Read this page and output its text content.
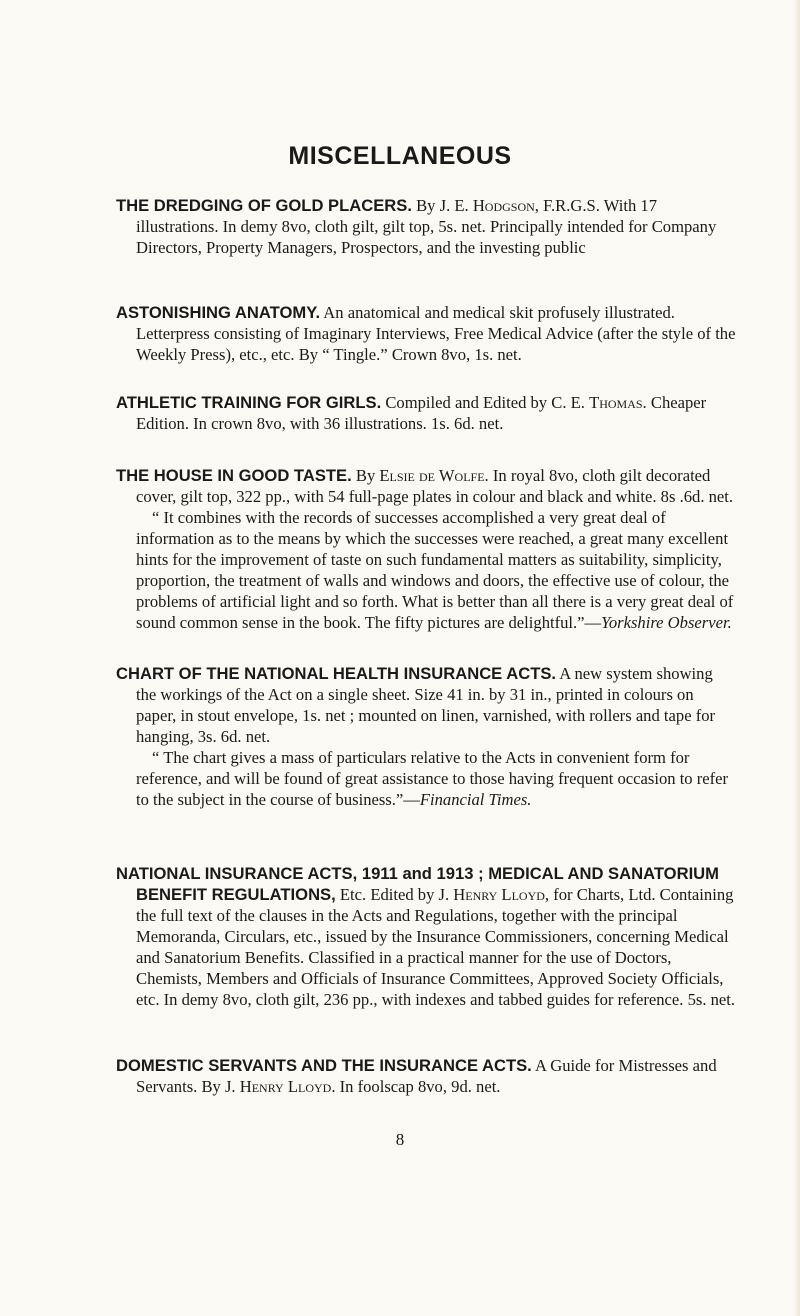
MISCELLANEOUS

THE DREDGING OF GOLD PLACERS. By J. E. Hodgson, F.R.G.S. With 17 illustrations. In demy 8vo, cloth gilt, gilt top, 5s. net. Principally intended for Company Directors, Property Managers, Prospectors, and the investing public

ASTONISHING ANATOMY. An anatomical and medical skit profusely illustrated. Letterpress consisting of Imaginary Interviews, Free Medical Advice (after the style of the Weekly Press), etc., etc. By “ Tingle.” Crown 8vo, 1s. net.

ATHLETIC TRAINING FOR GIRLS. Compiled and Edited by C. E. Thomas. Cheaper Edition. In crown 8vo, with 36 illustrations. 1s. 6d. net.

THE HOUSE IN GOOD TASTE. By Elsie de Wolfe. In royal 8vo, cloth gilt decorated cover, gilt top, 322 pp., with 54 full-page plates in colour and black and white. 8s .6d. net.

“ It combines with the records of successes accomplished a very great deal of information as to the means by which the successes were reached, a great many excellent hints for the improvement of taste on such fundamental matters as suitability, simplicity, proportion, the treatment of walls and windows and doors, the effective use of colour, the problems of artificial light and so forth. What is better than all there is a very great deal of sound common sense in the book. The fifty pictures are delightful.”—Yorkshire Observer.

CHART OF THE NATIONAL HEALTH INSURANCE ACTS. A new system showing the workings of the Act on a single sheet. Size 41 in. by 31 in., printed in colours on paper, in stout envelope, 1s. net ; mounted on linen, varnished, with rollers and tape for hanging, 3s. 6d. net.

“ The chart gives a mass of particulars relative to the Acts in convenient form for reference, and will be found of great assistance to those having frequent occasion to refer to the subject in the course of business.”—Financial Times.

NATIONAL INSURANCE ACTS, 1911 and 1913 ; MEDICAL AND SANATORIUM BENEFIT REGULATIONS, Etc. Edited by J. Henry Lloyd, for Charts, Ltd. Containing the full text of the clauses in the Acts and Regulations, together with the principal Memoranda, Circulars, etc., issued by the Insurance Commissioners, concerning Medical and Sanatorium Benefits. Classified in a practical manner for the use of Doctors, Chemists, Members and Officials of Insurance Committees, Approved Society Officials, etc. In demy 8vo, cloth gilt, 236 pp., with indexes and tabbed guides for reference. 5s. net.

DOMESTIC SERVANTS AND THE INSURANCE ACTS. A Guide for Mistresses and Servants. By J. Henry Lloyd. In foolscap 8vo, 9d. net.

8
